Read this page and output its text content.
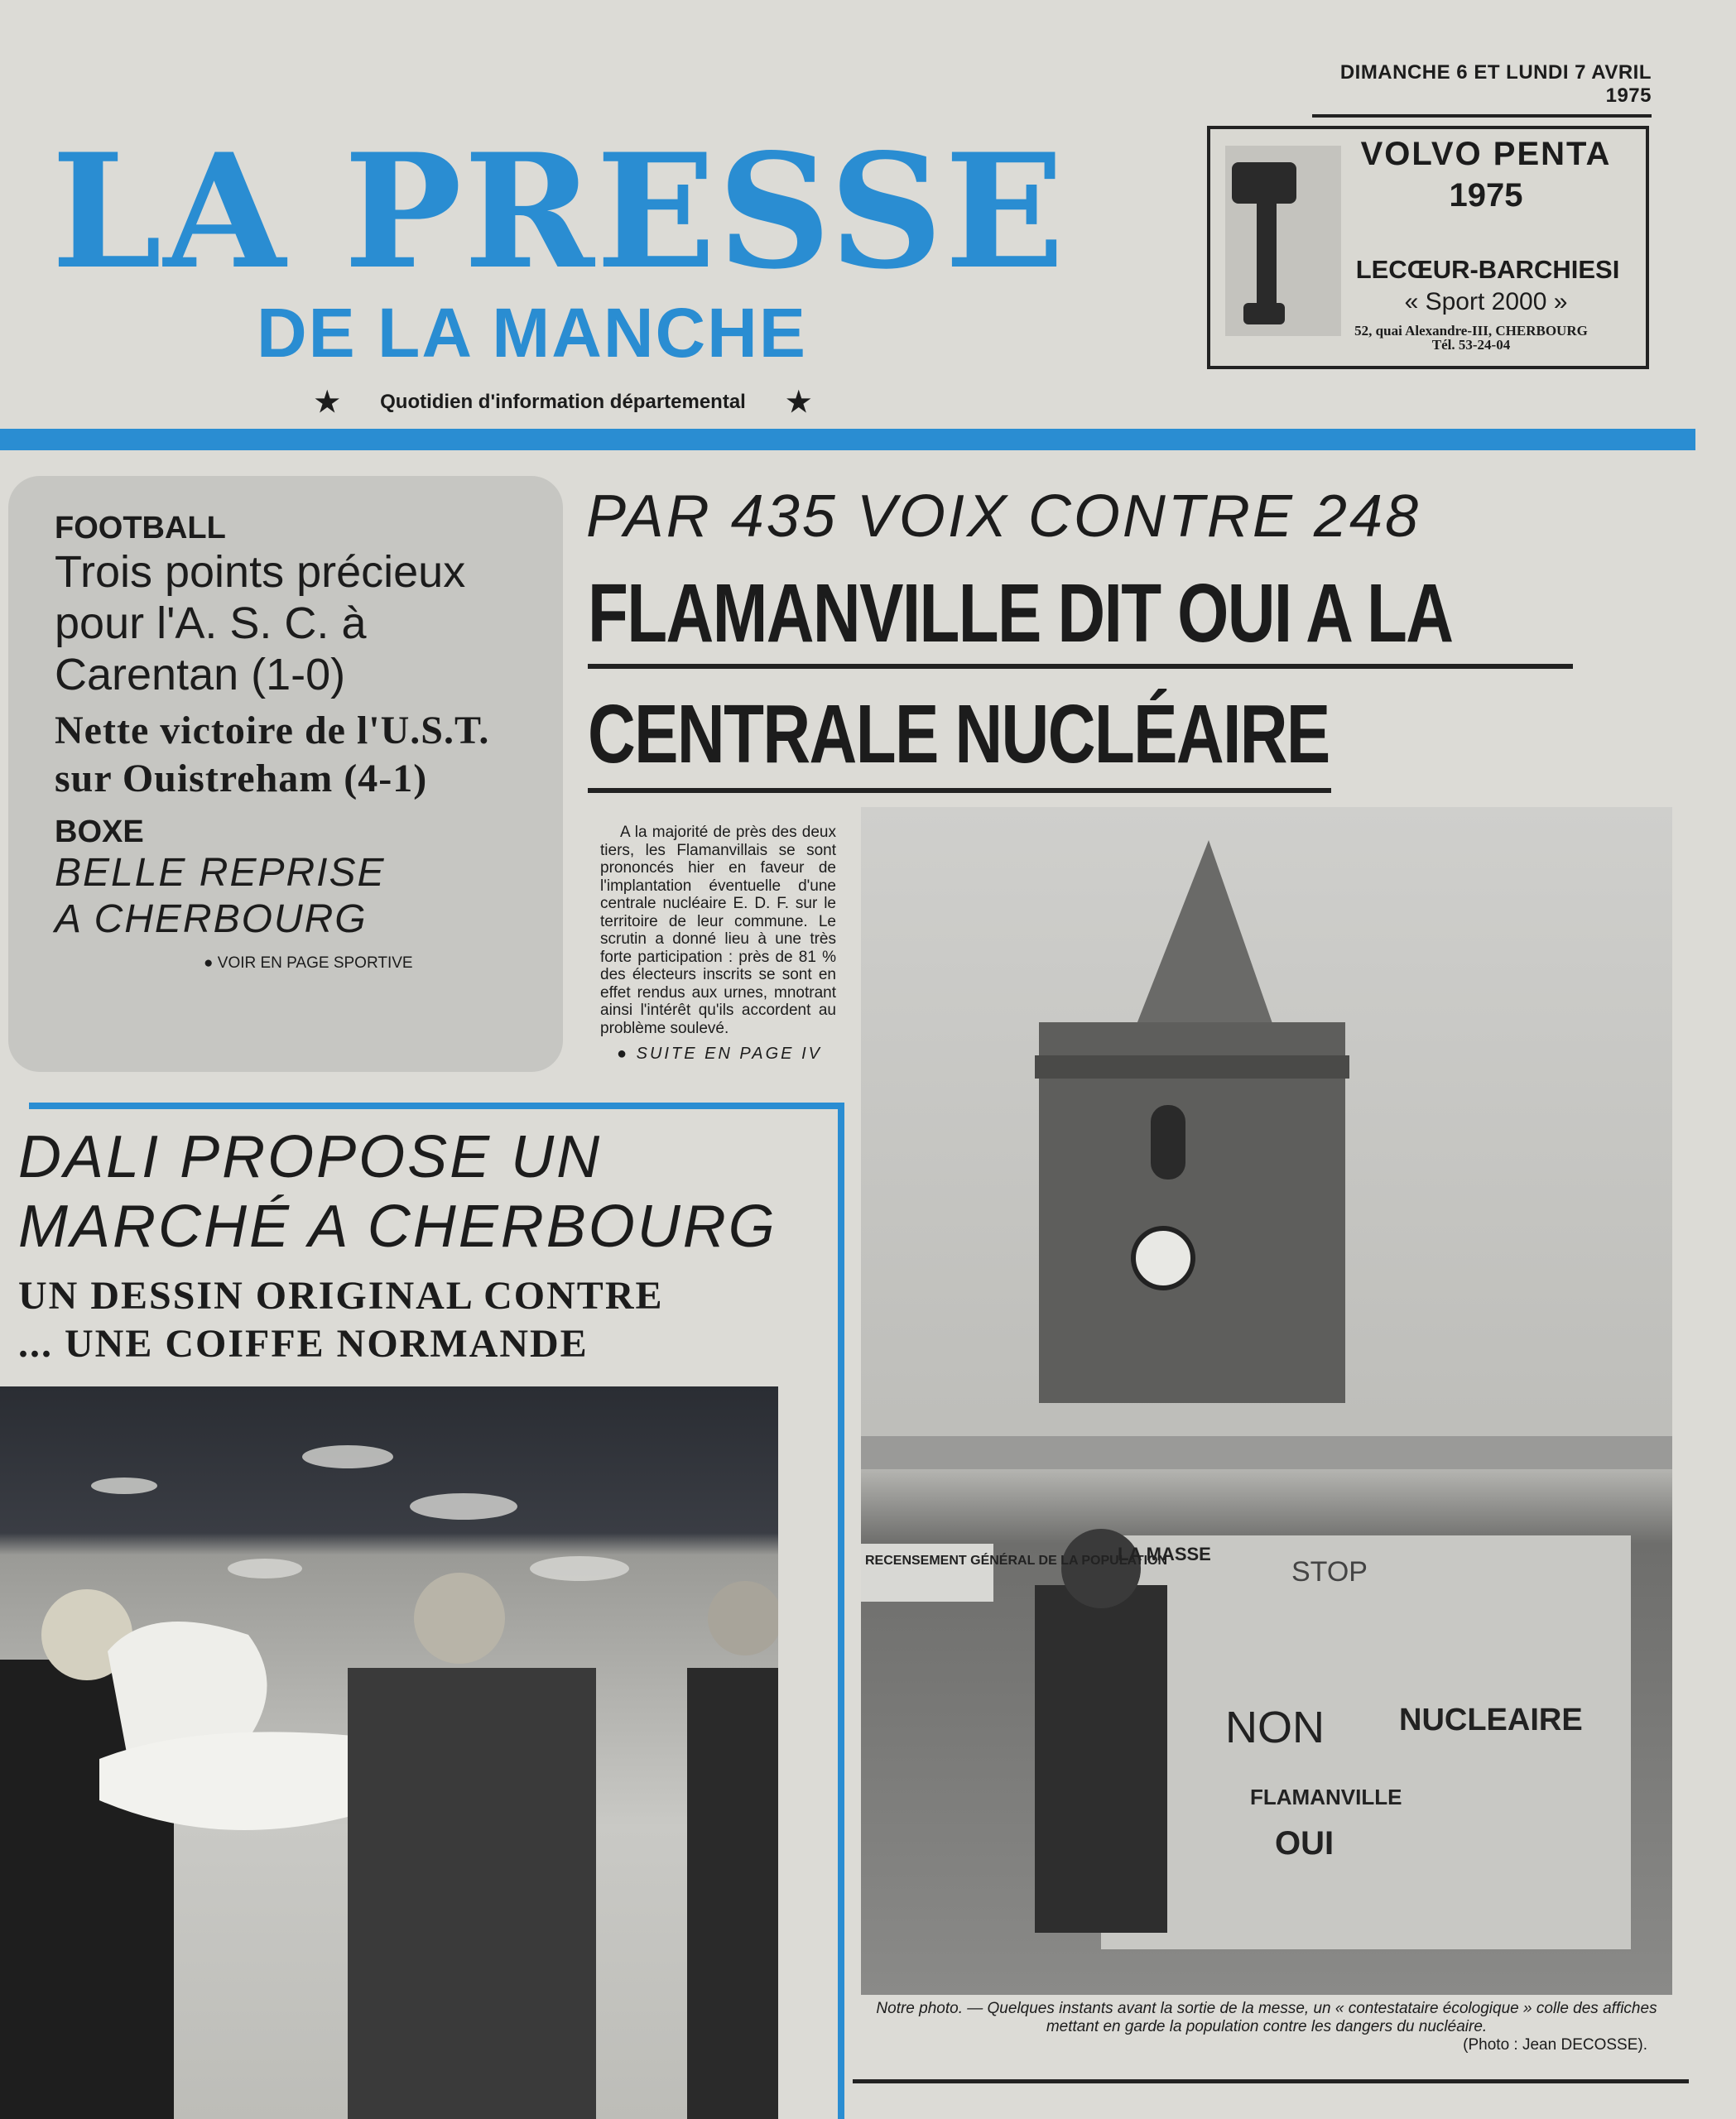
DIMANCHE 6 ET LUNDI 7 AVRIL 1975
VOLVO PENTA
1975
LECŒUR-BARCHIESI
« Sport 2000 »
52, quai Alexandre-III, CHERBOURG
Tél. 53-24-04
LA PRESSE
DE LA MANCHE
★ Quotidien d'information départemental ★
FOOTBALL
Trois points précieux pour l'A. S. C. à Carentan (1-0)
Nette victoire de l'U.S.T. sur Ouistreham (4-1)
BOXE
BELLE REPRISE
A CHERBOURG
● VOIR EN PAGE SPORTIVE
PAR 435 VOIX CONTRE 248
FLAMANVILLE DIT OUI A LA
CENTRALE NUCLÉAIRE
A la majorité de près des deux tiers, les Flamanvillais se sont prononcés hier en faveur de l'implantation éventuelle d'une centrale nucléaire E. D. F. sur le territoire de leur commune. Le scrutin a donné lieu à une très forte participation : près de 81 % des électeurs inscrits se sont en effet rendus aux urnes, mnotrant ainsi l'intérêt qu'ils accordent au problème soulevé.
● SUITE EN PAGE IV
RECENSEMENT GÉNÉRAL DE LA POPULATION
LA MASSE
STOP
NON NUCLEAIRE
FLAMANVILLE
OUI
Notre photo. — Quelques instants avant la sortie de la messe, un « contestataire écologique » colle des affiches mettant en garde la population contre les dangers du nucléaire.
(Photo : Jean DECOSSE).
DALI PROPOSE UN
MARCHÉ A CHERBOURG
UN DESSIN ORIGINAL CONTRE
... UNE COIFFE NORMANDE
